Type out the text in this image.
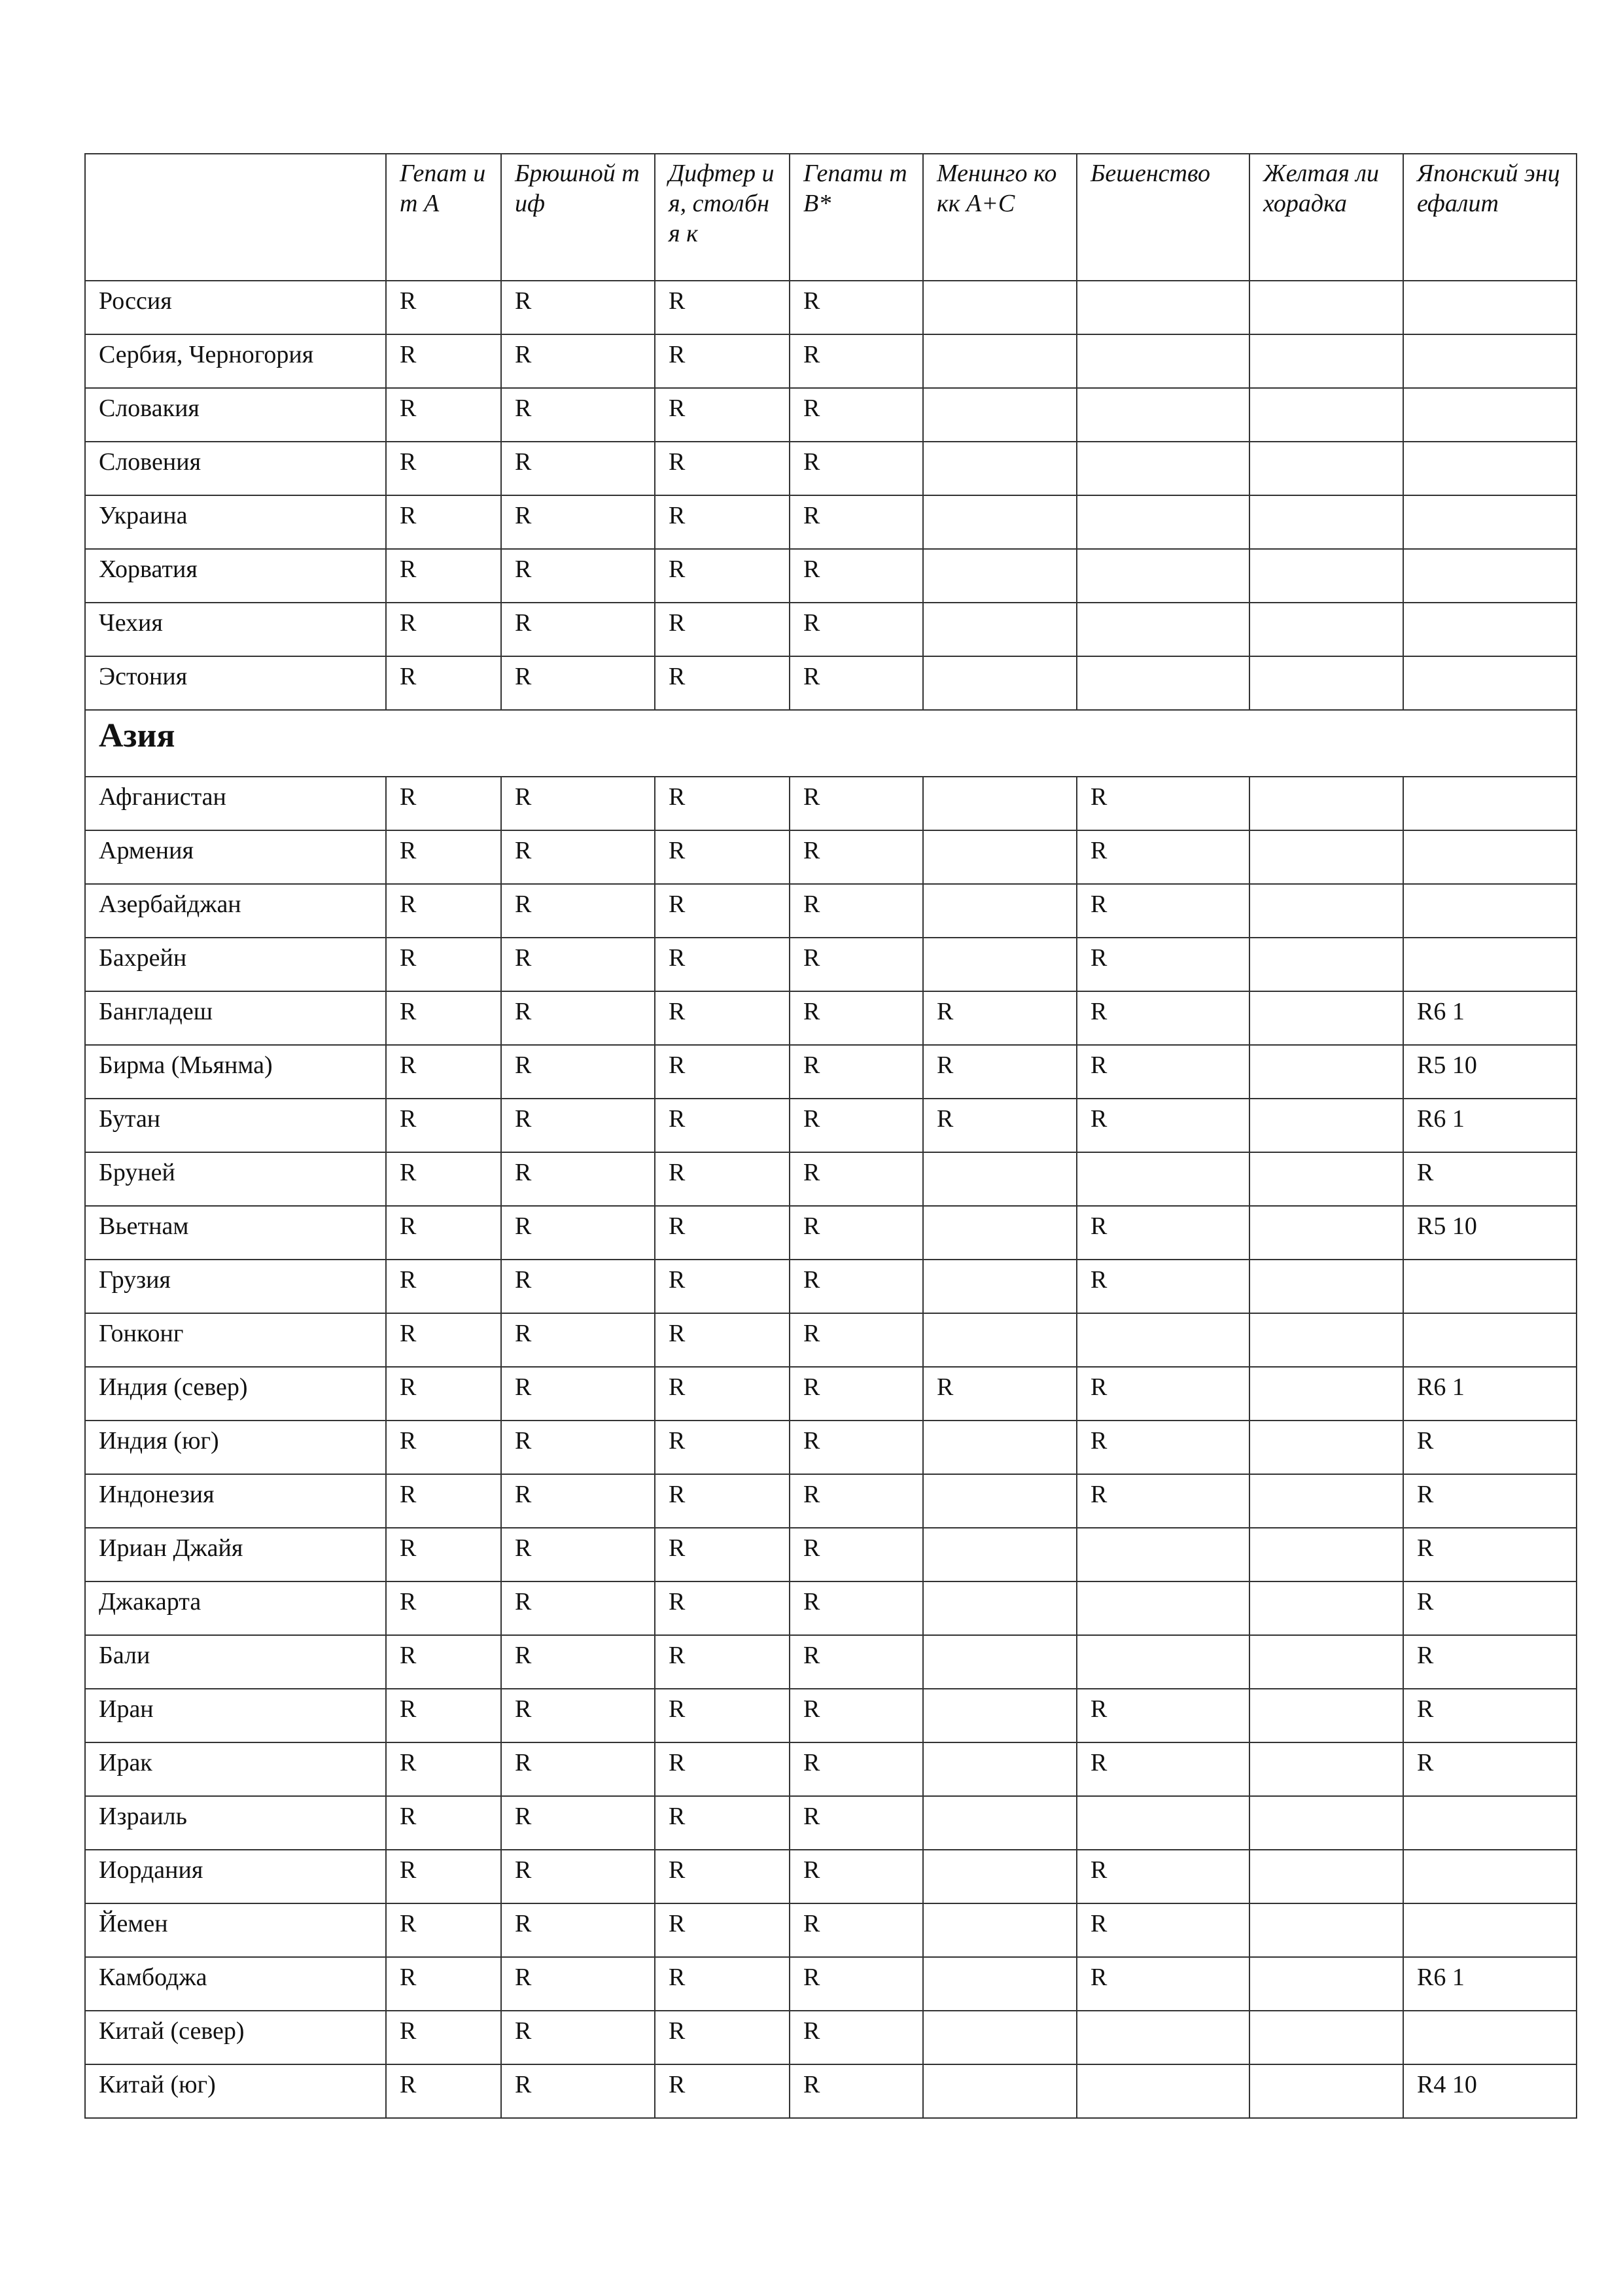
	Гепат ит А	Брюшной тиф	Дифтер ия, столбня к	Гепати т В*	Менинго кокк А+С	Бешенство	Желтая лихорадка	Японский энцефалит
Россия	R	R	R	R				
Сербия, Черногория	R	R	R	R				
Словакия	R	R	R	R				
Словения	R	R	R	R				
Украина	R	R	R	R				
Хорватия	R	R	R	R				
Чехия	R	R	R	R				
Эстония	R	R	R	R				
Азия								
Афганистан	R	R	R	R		R		
Армения	R	R	R	R		R		
Азербайджан	R	R	R	R		R		
Бахрейн	R	R	R	R		R		
Бангладеш	R	R	R	R	R	R		R6 1
Бирма (Мьянма)	R	R	R	R	R	R		R5 10
Бутан	R	R	R	R	R	R		R6 1
Бруней	R	R	R	R				R
Вьетнам	R	R	R	R		R		R5 10
Грузия	R	R	R	R		R		
Гонконг	R	R	R	R				
Индия (север)	R	R	R	R	R	R		R6 1
Индия (юг)	R	R	R	R		R		R
Индонезия	R	R	R	R		R		R
Ириан Джайя	R	R	R	R				R
Джакарта	R	R	R	R				R
Бали	R	R	R	R				R
Иран	R	R	R	R		R		R
Ирак	R	R	R	R		R		R
Израиль	R	R	R	R				
Иордания	R	R	R	R		R		
Йемен	R	R	R	R		R		
Камбоджа	R	R	R	R		R		R6 1
Китай (север)	R	R	R	R				
Китай (юг)	R	R	R	R				R4 10
